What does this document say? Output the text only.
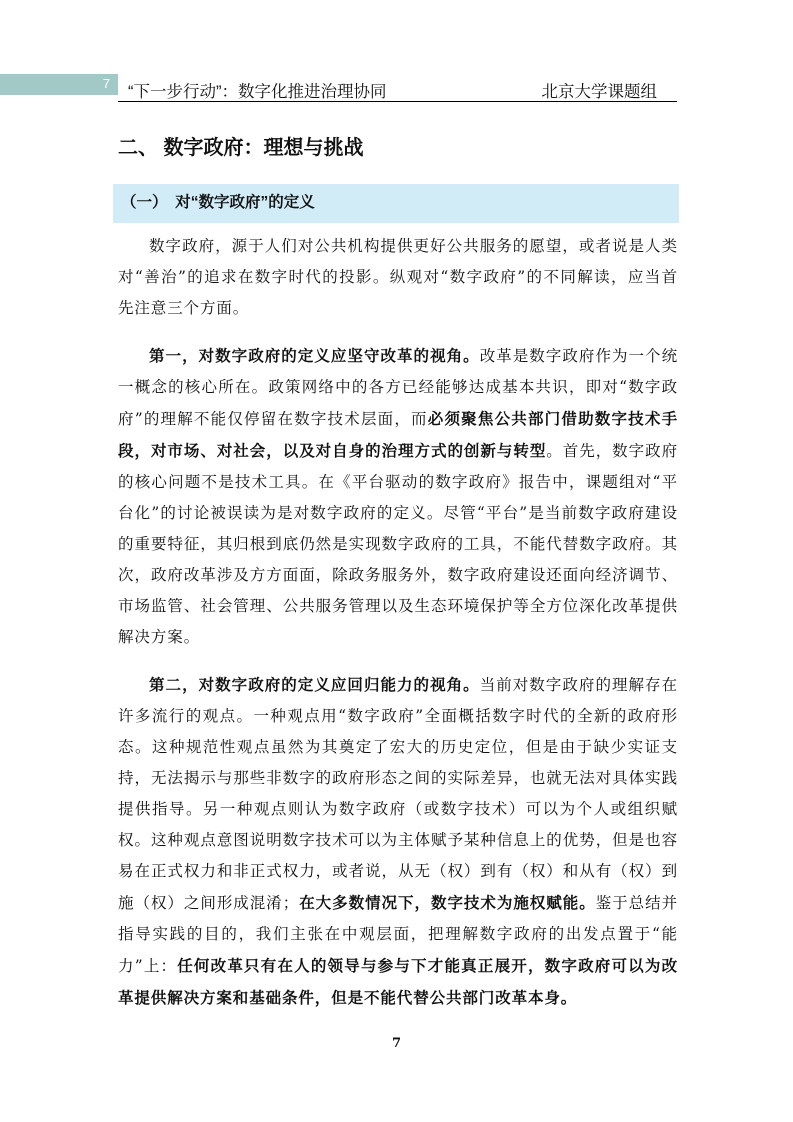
7 “下一步行动”：数字化推进治理协同	北京大学课题组
二、 数字政府：理想与挑战
（一）　对“数字政府”的定义

数字政府，源于人们对公共机构提供更好公共服务的愿望，或者说是人类对“善治”的追求在数字时代的投影。纵观对“数字政府”的不同解读，应当首先注意三个方面。

第一，对数字政府的定义应坚守改革的视角。改革是数字政府作为一个统一概念的核心所在。政策网络中的各方已经能够达成基本共识，即对“数字政府”的理解不能仅停留在数字技术层面，而必须聚焦公共部门借助数字技术手段，对市场、对社会，以及对自身的治理方式的创新与转型。首先，数字政府的核心问题不是技术工具。在《平台驱动的数字政府》报告中，课题组对“平台化”的讨论被误读为是对数字政府的定义。尽管“平台”是当前数字政府建设的重要特征，其归根到底仍然是实现数字政府的工具，不能代替数字政府。其次，政府改革涉及方方面面，除政务服务外，数字政府建设还面向经济调节、市场监管、社会管理、公共服务管理以及生态环境保护等全方位深化改革提供解决方案。

第二，对数字政府的定义应回归能力的视角。当前对数字政府的理解存在许多流行的观点。一种观点用“数字政府”全面概括数字时代的全新的政府形态。这种规范性观点虽然为其奠定了宏大的历史定位，但是由于缺少实证支持，无法揭示与那些非数字的政府形态之间的实际差异，也就无法对具体实践提供指导。另一种观点则认为数字政府（或数字技术）可以为个人或组织赋权。这种观点意图说明数字技术可以为主体赋予某种信息上的优势，但是也容易在正式权力和非正式权力，或者说，从无（权）到有（权）和从有（权）到施（权）之间形成混淆；在大多数情况下，数字技术为施权赋能。鉴于总结并指导实践的目的，我们主张在中观层面，把理解数字政府的出发点置于“能力”上：任何改革只有在人的领导与参与下才能真正展开，数字政府可以为改革提供解决方案和基础条件，但是不能代替公共部门改革本身。

7
